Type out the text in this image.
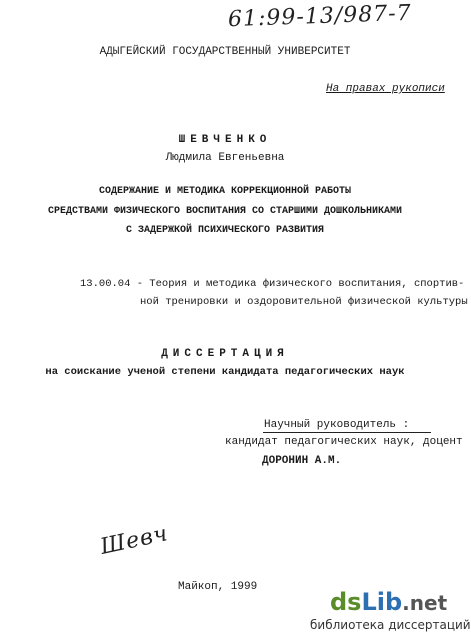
61:99-13/987-7
АДЫГЕЙСКИЙ ГОСУДАРСТВЕННЫЙ УНИВЕРСИТЕТ
На правах рукописи
ШЕВЧЕНКО
Людмила Евгеньевна
СОДЕРЖАНИЕ И МЕТОДИКА КОРРЕКЦИОННОЙ РАБОТЫ
СРЕДСТВАМИ ФИЗИЧЕСКОГО ВОСПИТАНИЯ СО СТАРШИМИ ДОШКОЛЬНИКАМИ
С ЗАДЕРЖКОЙ ПСИХИЧЕСКОГО РАЗВИТИЯ
13.00.04 - Теория и методика физического воспитания, спортив-
ной тренировки и оздоровительной физической культуры
ДИССЕРТАЦИЯ
на соискание ученой степени кандидата педагогических наук
Научный руководитель :
кандидат педагогических наук, доцент
ДОРОНИН А.М.
Шевч
Майкоп, 1999
dsLib.net
библиотека диссертаций
